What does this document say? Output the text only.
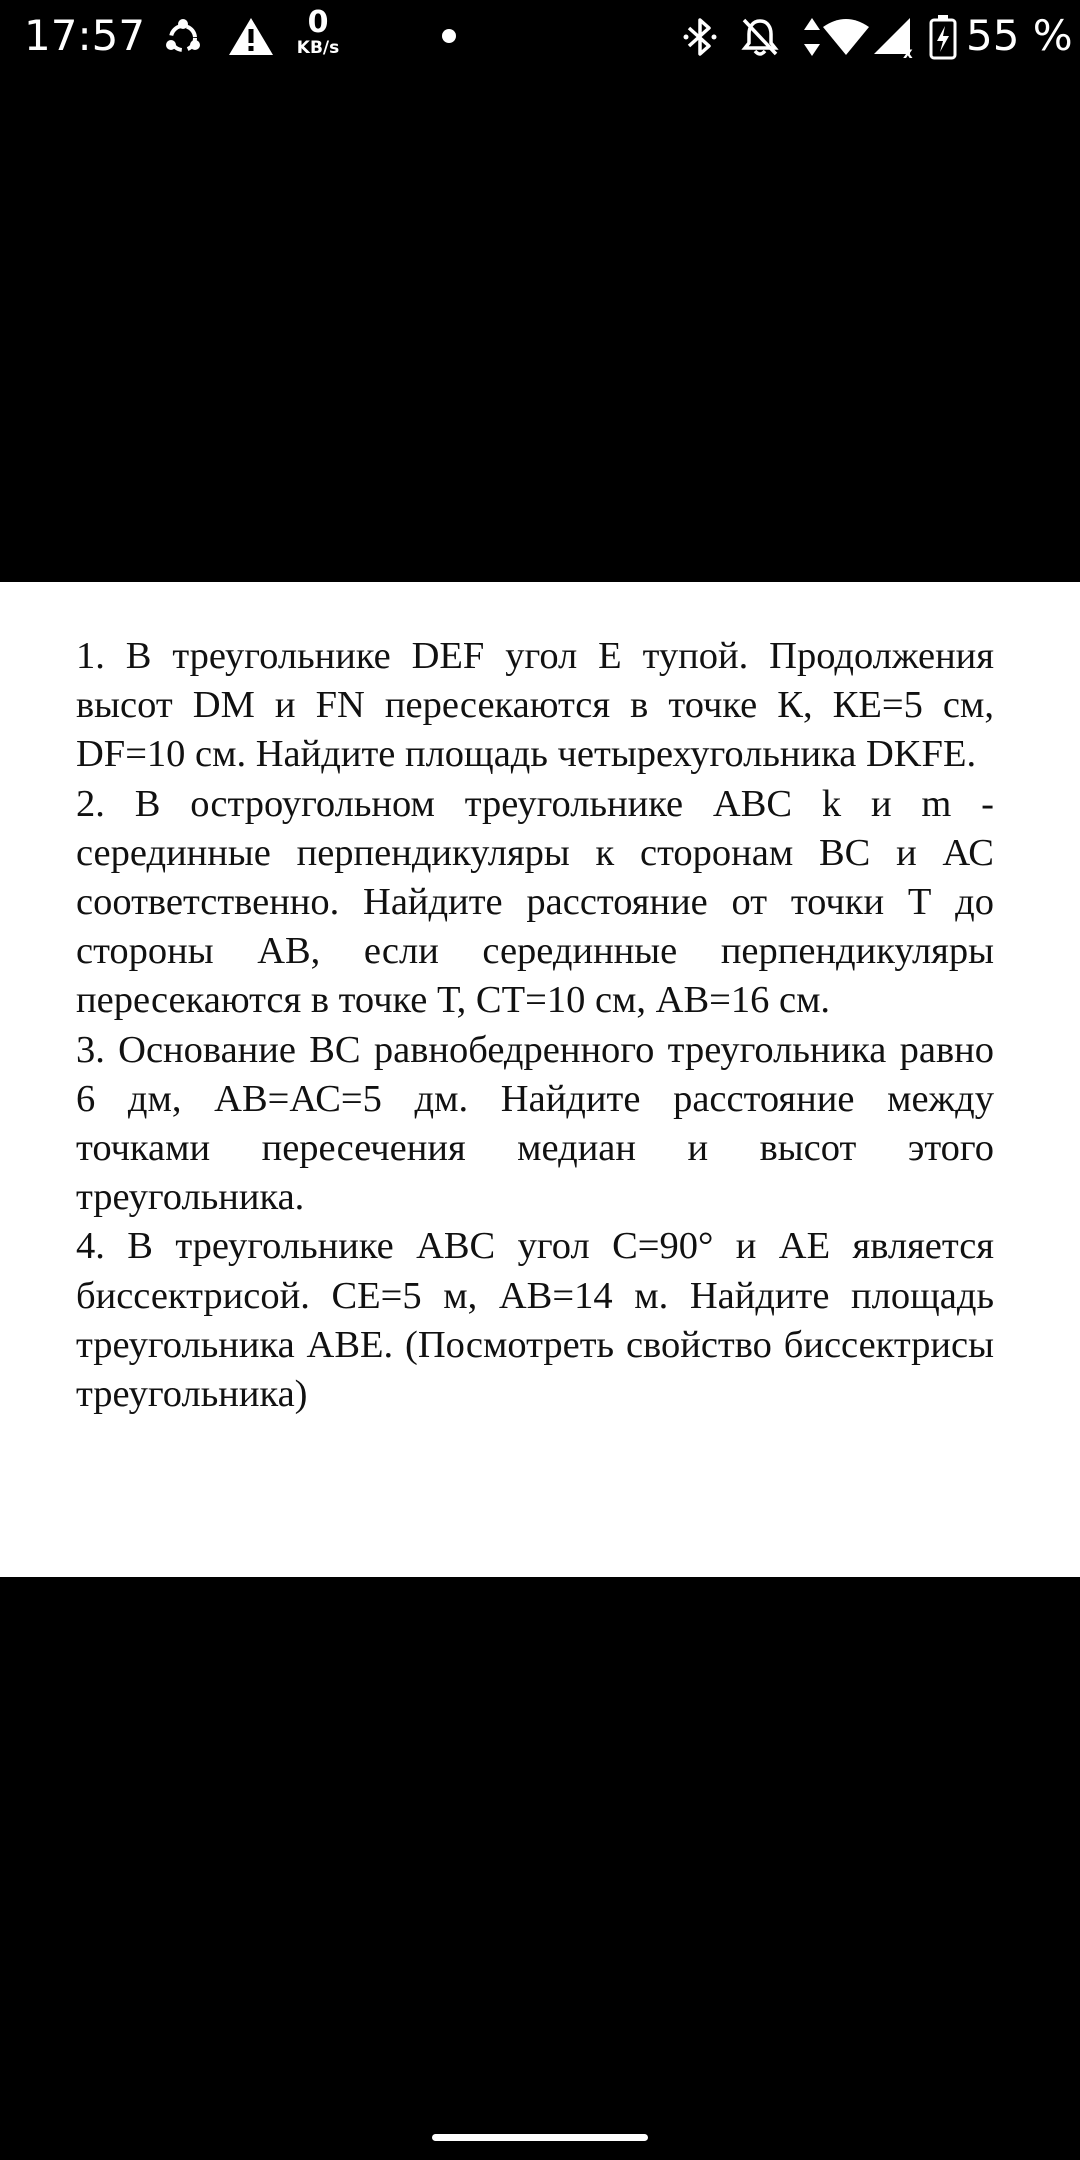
17:57	0
KB/s	x 55 %

1. В треугольнике DEF угол E тупой. Продолжения высот DM и FN пересекаются в точке К, КЕ=5 см, DF=10 см. Найдите площадь четырехугольника DKFE.

2. В остроугольном треугольнике ABC k и m - серединные перпендикуляры к сторонам ВС и АС соответственно. Найдите расстояние от точки Т до стороны АВ, если серединные перпендикуляры пересекаются в точке Т, СТ=10 см, AB=16 см.

3. Основание ВС равнобедренного треугольника равно 6 дм, АВ=АС=5 дм. Найдите расстояние между точками пересечения медиан и высот этого треугольника.

4. В треугольнике ABC угол C=90° и AE является биссектрисой. CE=5 м, AB=14 м. Найдите площадь треугольника ABE. (Посмотреть свойство биссектрисы треугольника)
